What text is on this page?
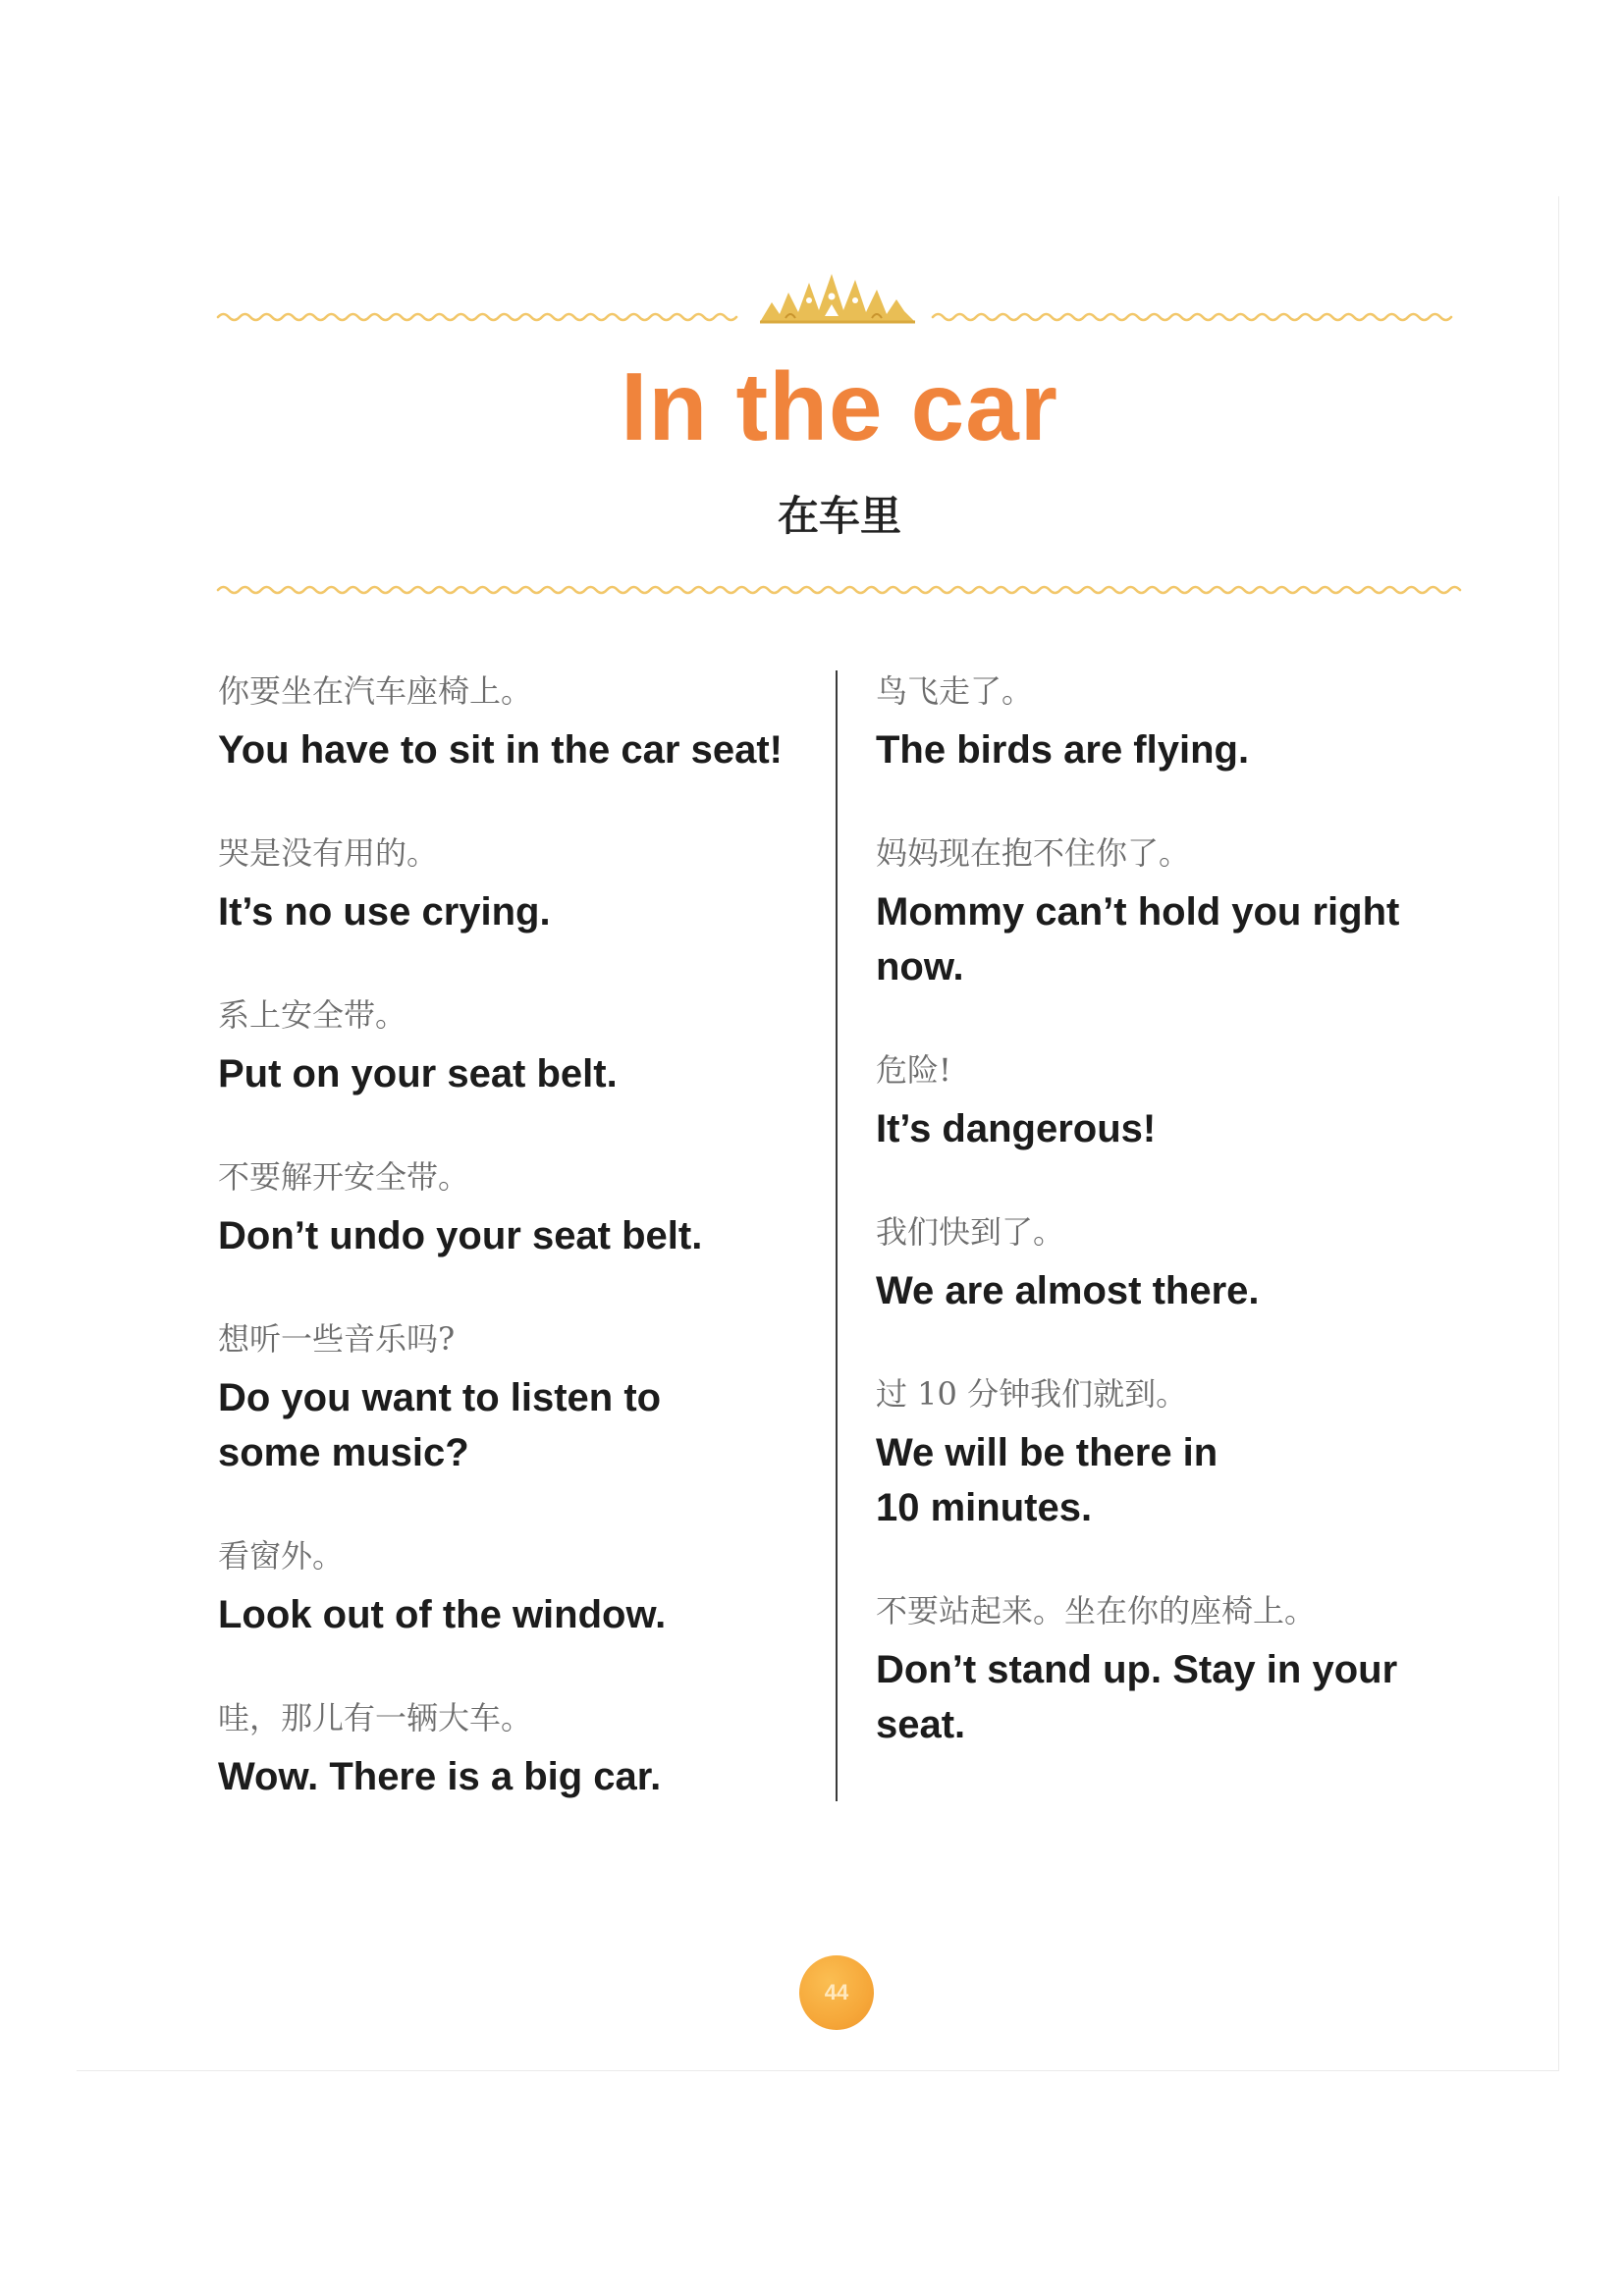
In the car
在车里
你要坐在汽车座椅上。
You have to sit in the car seat!
哭是没有用的。
It’s no use crying.
系上安全带。
Put on your seat belt.
不要解开安全带。
Don’t undo your seat belt.
想听一些音乐吗?
Do you want to listen to
some music?
看窗外。
Look out of the window.
哇，那儿有一辆大车。
Wow. There is a big car.
鸟飞走了。
The birds are flying.
妈妈现在抱不住你了。
Mommy can’t hold you right
now.
危险!
It’s dangerous!
我们快到了。
We are almost there.
过 10 分钟我们就到。
We will be there in
10 minutes.
不要站起来。坐在你的座椅上。
Don’t stand up. Stay in your
seat.
44
